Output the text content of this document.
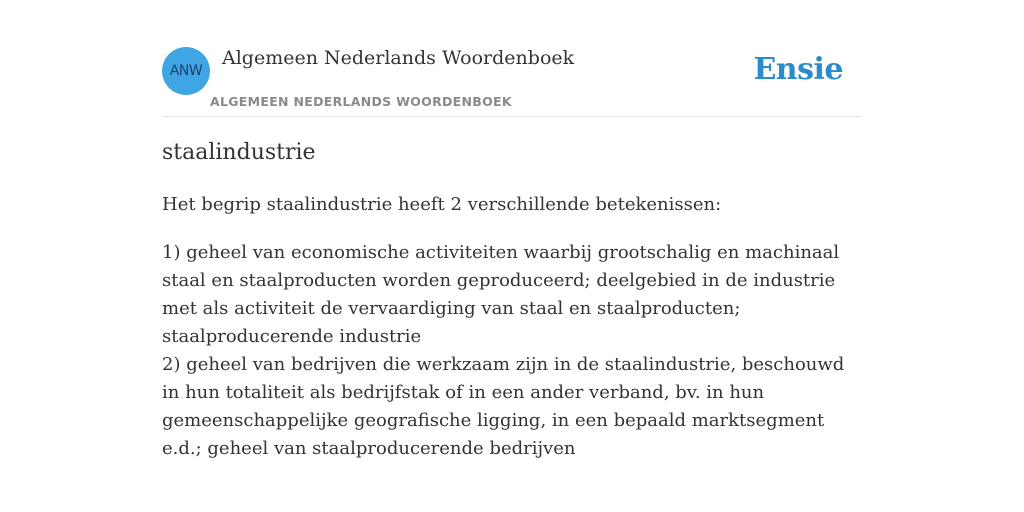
ANW
Algemeen Nederlands Woordenboek
ALGEMEEN NEDERLANDS WOORDENBOEK
Ensie
staalindustrie
Het begrip staalindustrie heeft 2 verschillende betekenissen:
1) geheel van economische activiteiten waarbij grootschalig en machinaal staal en staalproducten worden geproduceerd; deelgebied in de industrie met als activiteit de vervaardiging van staal en staalproducten; staalproducerende industrie
2) geheel van bedrijven die werkzaam zijn in de staalindustrie, beschouwd in hun totaliteit als bedrijfstak of in een ander verband, bv. in hun gemeenschappelijke geografische ligging, in een bepaald marktsegment e.d.; geheel van staalproducerende bedrijven
